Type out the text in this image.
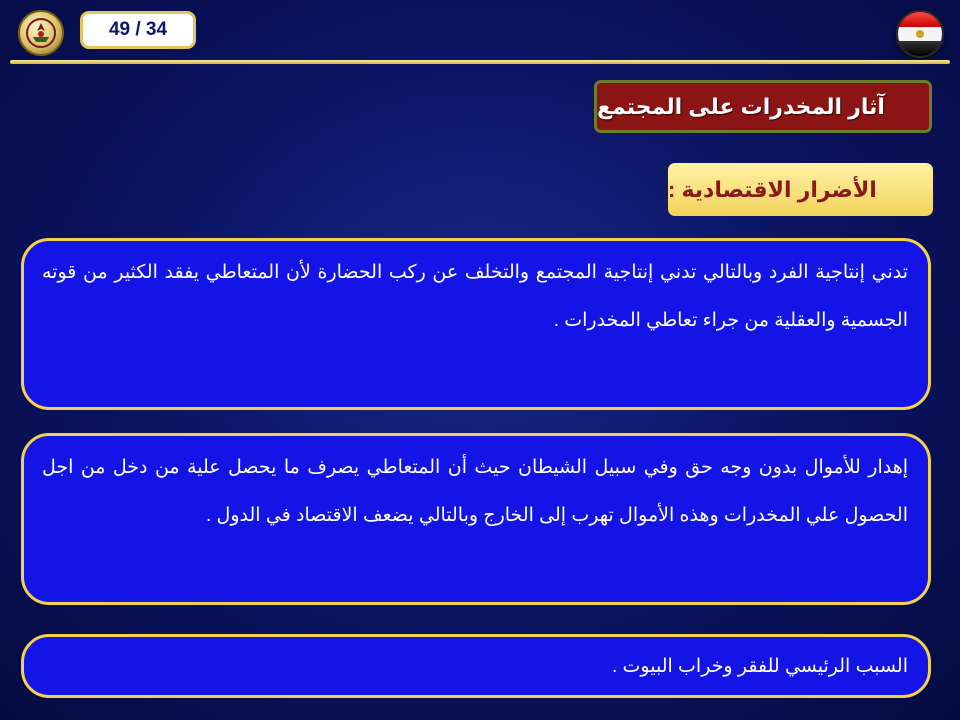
49 / 34
آثار المخدرات على المجتمع
الأضرار الاقتصادية :
تدني إنتاجية الفرد وبالتالي تدني إنتاجية المجتمع والتخلف عن ركب الحضارة لأن المتعاطي يفقد الكثير من قوته الجسمية والعقلية من جراء تعاطي المخدرات .
إهدار للأموال بدون وجه حق وفي سبيل الشيطان حيث أن المتعاطي يصرف ما يحصل علية من دخل من اجل الحصول علي المخدرات وهذه الأموال تهرب إلى الخارج وبالتالي يضعف الاقتصاد في الدول .
السبب الرئيسي للفقر وخراب البيوت .
